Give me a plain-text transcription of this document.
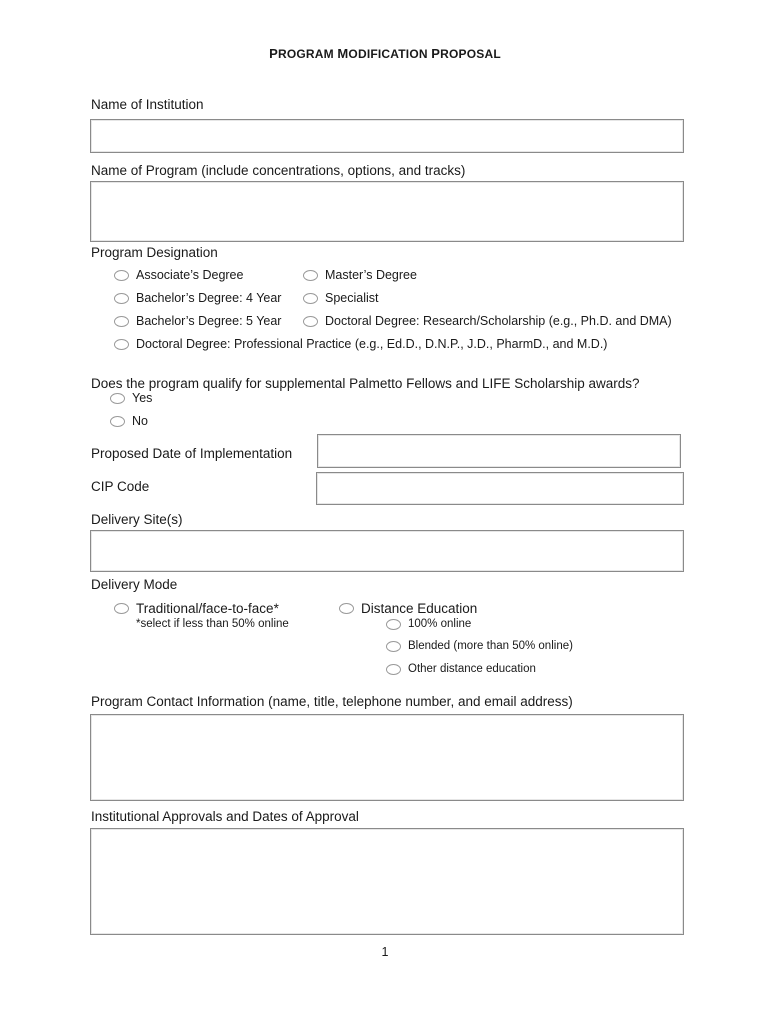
PROGRAM MODIFICATION PROPOSAL
Name of Institution
Name of Program (include concentrations, options, and tracks)
Program Designation
Associate’s Degree	Master’s Degree
Bachelor’s Degree: 4 Year	Specialist
Bachelor’s Degree: 5 Year	Doctoral Degree: Research/Scholarship (e.g., Ph.D. and DMA)
Doctoral Degree: Professional Practice (e.g., Ed.D., D.N.P., J.D., PharmD., and M.D.)
Does the program qualify for supplemental Palmetto Fellows and LIFE Scholarship awards?
Yes
No
Proposed Date of Implementation
CIP Code
Delivery Site(s)
Delivery Mode
Traditional/face-to-face*
*select if less than 50% online
Distance Education
100% online
Blended (more than 50% online)
Other distance education
Program Contact Information (name, title, telephone number, and email address)
Institutional Approvals and Dates of Approval
1
